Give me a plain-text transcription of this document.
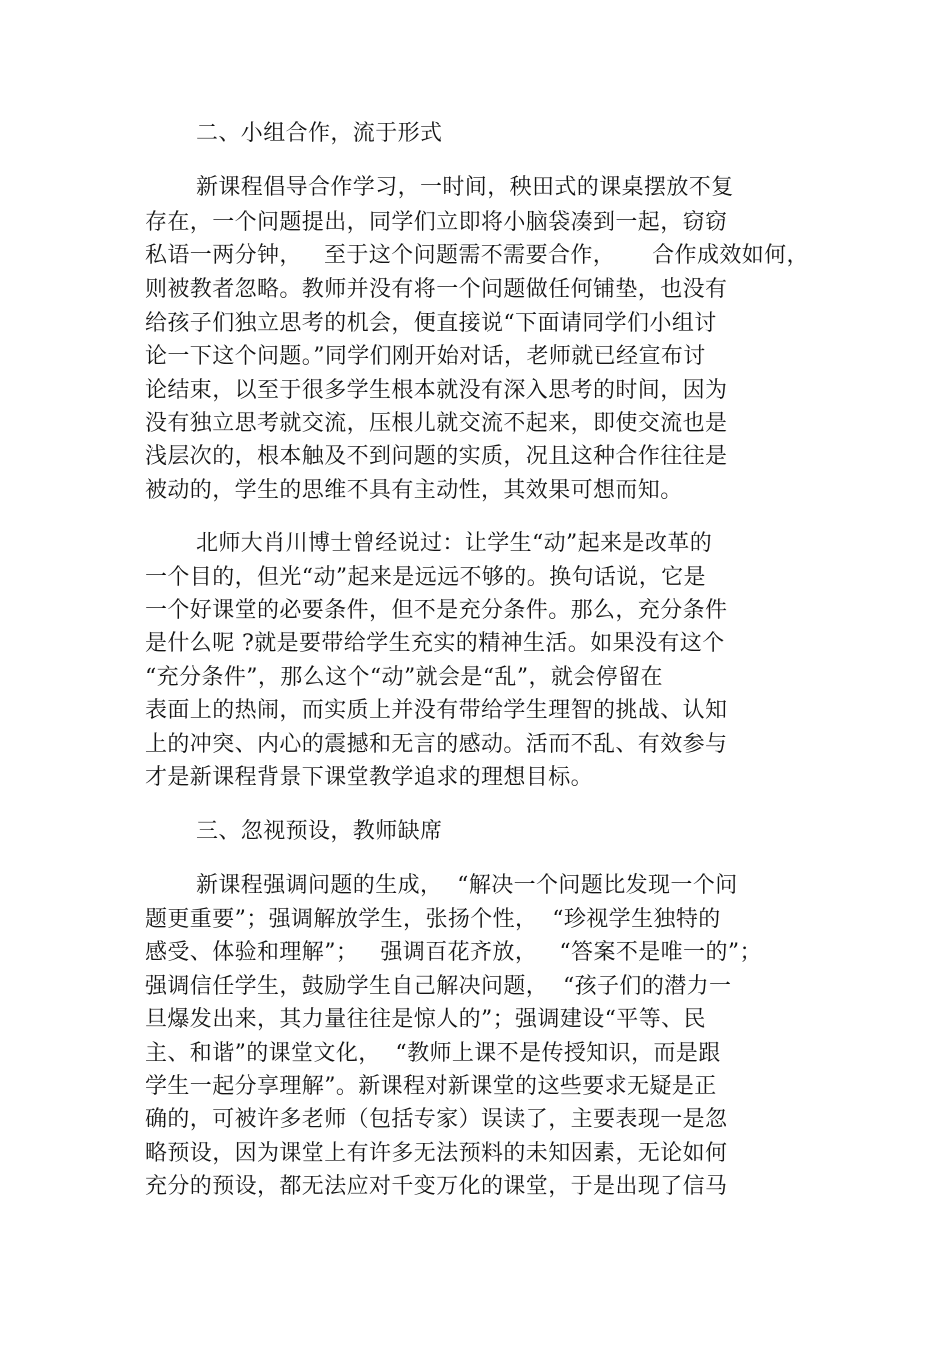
二、小组合作，流于形式
新课程倡导合作学习，一时间，秧田式的课桌摆放不复
存在，一个问题提出，同学们立即将小脑袋凑到一起，窃窃
私语一两分钟，   至于这个问题需不需要合作，     合作成效如何，
则被教者忽略。教师并没有将一个问题做任何铺垫，也没有
给孩子们独立思考的机会，便直接说“下面请同学们小组讨
论一下这个问题。”同学们刚开始对话，老师就已经宣布讨
论结束，以至于很多学生根本就没有深入思考的时间，因为
没有独立思考就交流，压根儿就交流不起来，即使交流也是
浅层次的，根本触及不到问题的实质，况且这种合作往往是
被动的，学生的思维不具有主动性，其效果可想而知。
北师大肖川博士曾经说过：让学生“动”起来是改革的
一个目的，但光“动”起来是远远不够的。换句话说，它是
一个好课堂的必要条件，但不是充分条件。那么，充分条件
是什么呢 ?就是要带给学生充实的精神生活。如果没有这个
“充分条件”，那么这个“动”就会是“乱”，就会停留在
表面上的热闹，而实质上并没有带给学生理智的挑战、认知
上的冲突、内心的震撼和无言的感动。活而不乱、有效参与
才是新课程背景下课堂教学追求的理想目标。
三、忽视预设，教师缺席
新课程强调问题的生成，  “解决一个问题比发现一个问
题更重要”；强调解放学生，张扬个性，  “珍视学生独特的
感受、体验和理解”；   强调百花齐放，   “答案不是唯一的”；
强调信任学生，鼓励学生自己解决问题，  “孩子们的潜力一
旦爆发出来，其力量往往是惊人的”；强调建设“平等、民
主、和谐”的课堂文化，  “教师上课不是传授知识，而是跟
学生一起分享理解”。新课程对新课堂的这些要求无疑是正
确的，可被许多老师（包括专家）误读了，主要表现一是忽
略预设，因为课堂上有许多无法预料的未知因素，无论如何
充分的预设，都无法应对千变万化的课堂，于是出现了信马
